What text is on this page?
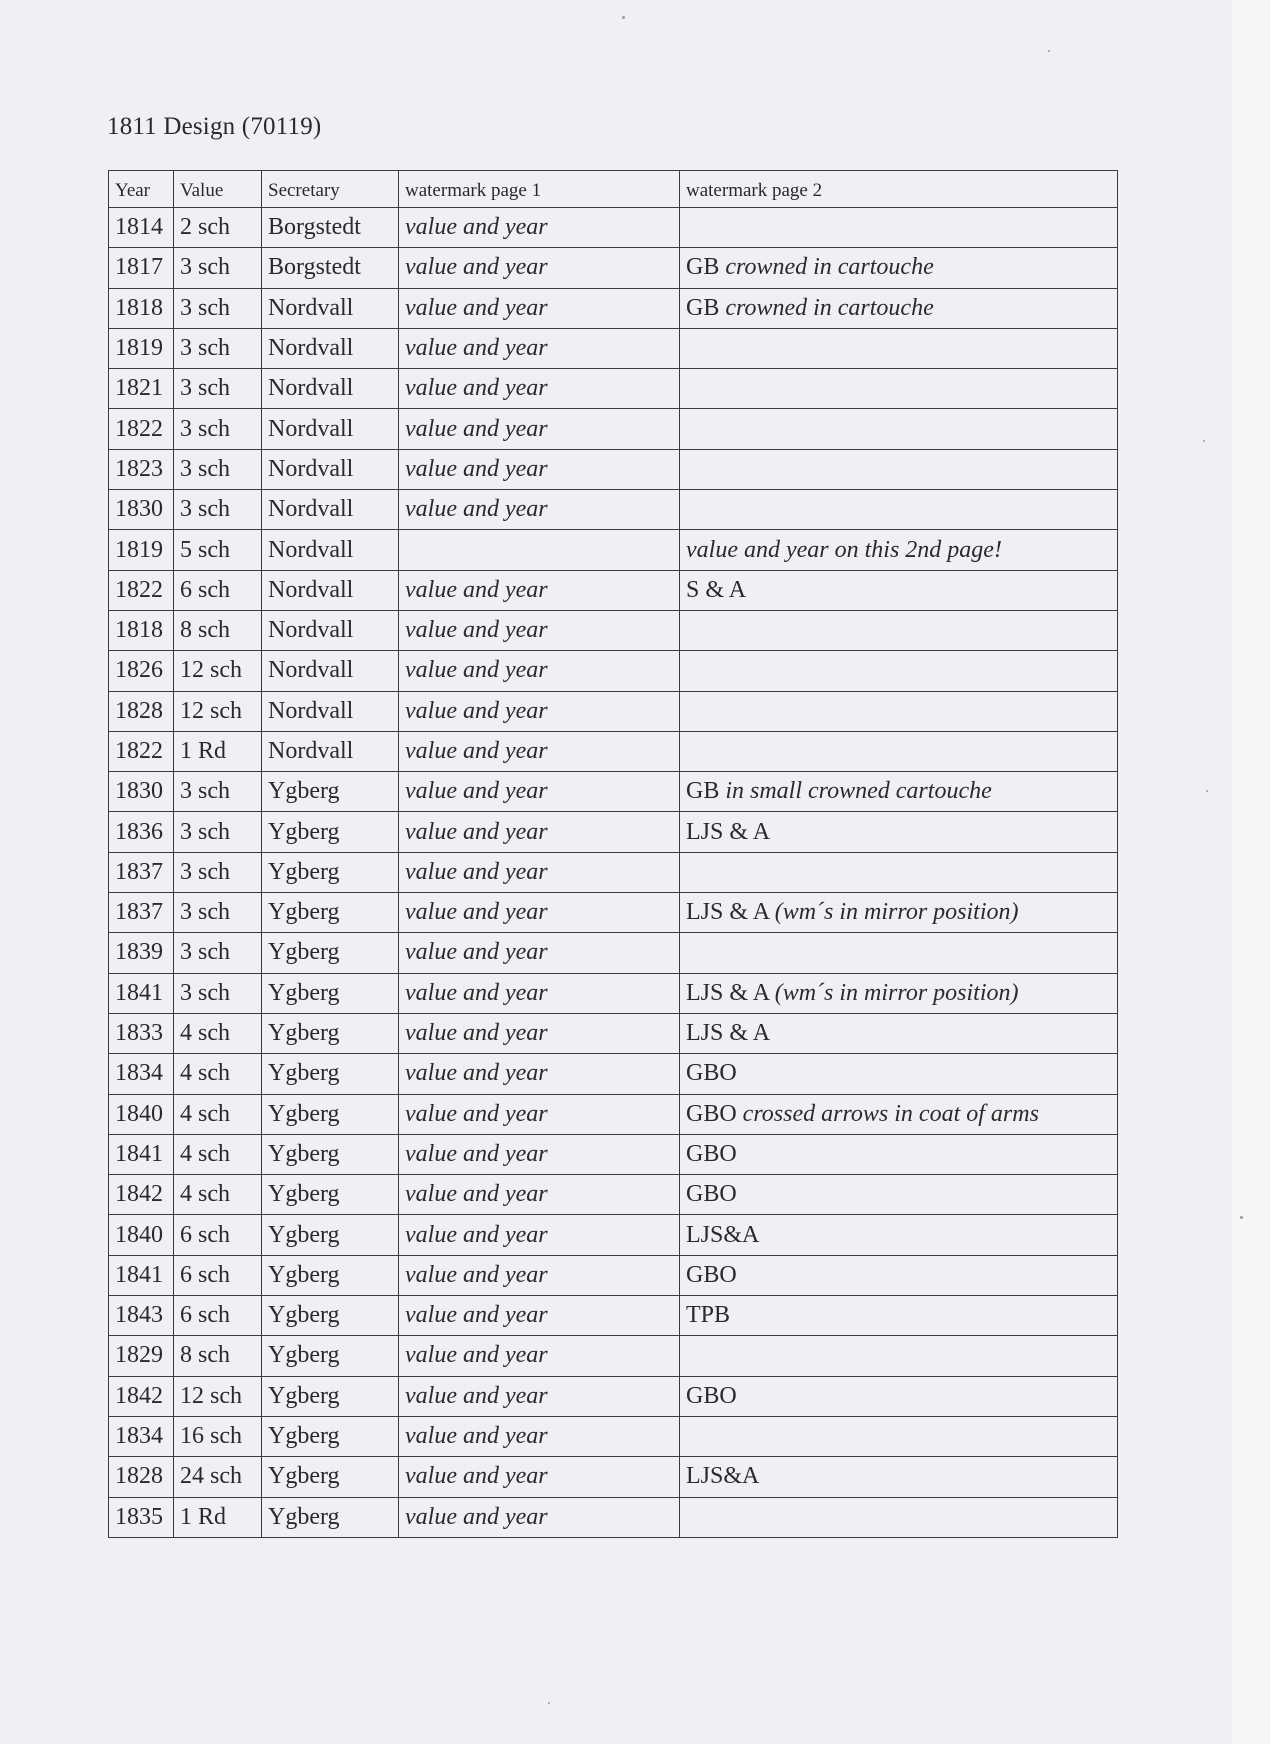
1811 Design (70119)
Year	Value	Secretary	watermark page 1	watermark page 2
1814	2 sch	Borgstedt	value and year	
1817	3 sch	Borgstedt	value and year	GB crowned in cartouche
1818	3 sch	Nordvall	value and year	GB crowned in cartouche
1819	3 sch	Nordvall	value and year	
1821	3 sch	Nordvall	value and year	
1822	3 sch	Nordvall	value and year	
1823	3 sch	Nordvall	value and year	
1830	3 sch	Nordvall	value and year	
1819	5 sch	Nordvall		value and year on this 2nd page!
1822	6 sch	Nordvall	value and year	S & A
1818	8 sch	Nordvall	value and year	
1826	12 sch	Nordvall	value and year	
1828	12 sch	Nordvall	value and year	
1822	1 Rd	Nordvall	value and year	
1830	3 sch	Ygberg	value and year	GB in small crowned cartouche
1836	3 sch	Ygberg	value and year	LJS & A
1837	3 sch	Ygberg	value and year	
1837	3 sch	Ygberg	value and year	LJS & A (wm´s in mirror position)
1839	3 sch	Ygberg	value and year	
1841	3 sch	Ygberg	value and year	LJS & A (wm´s in mirror position)
1833	4 sch	Ygberg	value and year	LJS & A
1834	4 sch	Ygberg	value and year	GBO
1840	4 sch	Ygberg	value and year	GBO crossed arrows in coat of arms
1841	4 sch	Ygberg	value and year	GBO
1842	4 sch	Ygberg	value and year	GBO
1840	6 sch	Ygberg	value and year	LJS&A
1841	6 sch	Ygberg	value and year	GBO
1843	6 sch	Ygberg	value and year	TPB
1829	8 sch	Ygberg	value and year	
1842	12 sch	Ygberg	value and year	GBO
1834	16 sch	Ygberg	value and year	
1828	24 sch	Ygberg	value and year	LJS&A
1835	1 Rd	Ygberg	value and year	
